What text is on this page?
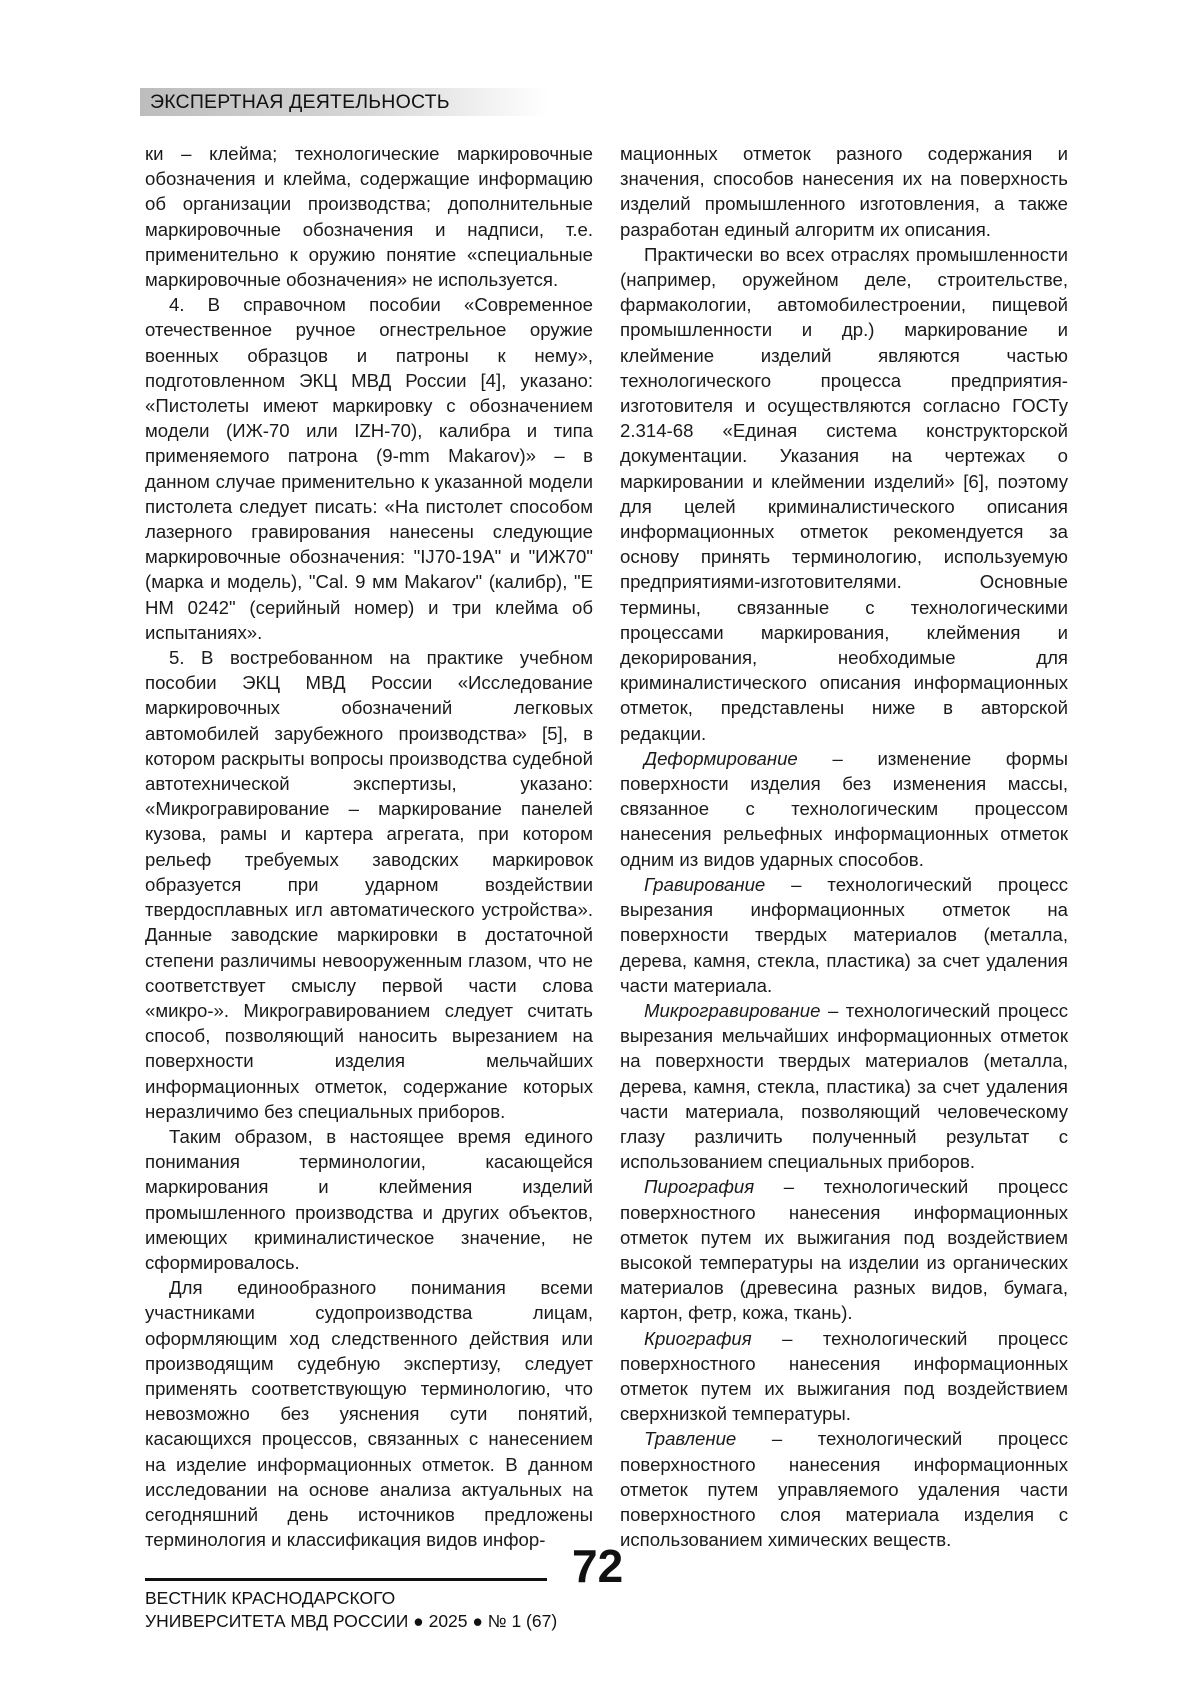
ЭКСПЕРТНАЯ ДЕЯТЕЛЬНОСТЬ

ки – клейма; технологические маркировочные обозначения и клейма, содержащие информацию об организации производства; дополнительные маркировочные обозначения и надписи, т.е. применительно к оружию понятие «специальные маркировочные обозначения» не используется.

4. В справочном пособии «Современное отечественное ручное огнестрельное оружие военных образцов и патроны к нему», подготовленном ЭКЦ МВД России [4], указано: «Пистолеты имеют маркировку с обозначением модели (ИЖ-70 или IZH-70), калибра и типа применяемого патрона (9-mm Makarov)» – в данном случае применительно к указанной модели пистолета следует писать: «На пистолет способом лазерного гравирования нанесены следующие маркировочные обозначения: "IJ70-19A" и "ИЖ70" (марка и модель), "Cal. 9 мм Makarov" (калибр), "E HM 0242" (серийный номер) и три клейма об испытаниях».

5. В востребованном на практике учебном пособии ЭКЦ МВД России «Исследование маркировочных обозначений легковых автомобилей зарубежного производства» [5], в котором раскрыты вопросы производства судебной автотехнической экспертизы, указано: «Микрогравирование – маркирование панелей кузова, рамы и картера агрегата, при котором рельеф требуемых заводских маркировок образуется при ударном воздействии твердосплавных игл автоматического устройства». Данные заводские маркировки в достаточной степени различимы невооруженным глазом, что не соответствует смыслу первой части слова «микро-». Микрогравированием следует считать способ, позволяющий наносить вырезанием на поверхности изделия мельчайших информационных отметок, содержание которых неразличимо без специальных приборов.

Таким образом, в настоящее время единого понимания терминологии, касающейся маркирования и клеймения изделий промышленного производства и других объектов, имеющих криминалистическое значение, не сформировалось.

Для единообразного понимания всеми участниками судопроизводства лицам, оформляющим ход следственного действия или производящим судебную экспертизу, следует применять соответствующую терминологию, что невозможно без уяснения сути понятий, касающихся процессов, связанных с нанесением на изделие информационных отметок. В данном исследовании на основе анализа актуальных на сегодняшний день источников предложены терминология и классификация видов инфор-

мационных отметок разного содержания и значения, способов нанесения их на поверхность изделий промышленного изготовления, а также разработан единый алгоритм их описания.

Практически во всех отраслях промышленности (например, оружейном деле, строительстве, фармакологии, автомобилестроении, пищевой промышленности и др.) маркирование и клеймение изделий являются частью технологического процесса предприятия-изготовителя и осуществляются согласно ГОСТу 2.314-68 «Единая система конструкторской документации. Указания на чертежах о маркировании и клеймении изделий» [6], поэтому для целей криминалистического описания информационных отметок рекомендуется за основу принять терминологию, используемую предприятиями-изготовителями. Основные термины, связанные с технологическими процессами маркирования, клеймения и декорирования, необходимые для криминалистического описания информационных отметок, представлены ниже в авторской редакции.

Деформирование – изменение формы поверхности изделия без изменения массы, связанное с технологическим процессом нанесения рельефных информационных отметок одним из видов ударных способов.

Гравирование – технологический процесс вырезания информационных отметок на поверхности твердых материалов (металла, дерева, камня, стекла, пластика) за счет удаления части материала.

Микрогравирование – технологический процесс вырезания мельчайших информационных отметок на поверхности твердых материалов (металла, дерева, камня, стекла, пластика) за счет удаления части материала, позволяющий человеческому глазу различить полученный результат с использованием специальных приборов.

Пирография – технологический процесс поверхностного нанесения информационных отметок путем их выжигания под воздействием высокой температуры на изделии из органических материалов (древесина разных видов, бумага, картон, фетр, кожа, ткань).

Криография – технологический процесс поверхностного нанесения информационных отметок путем их выжигания под воздействием сверхнизкой температуры.

Травление – технологический процесс поверхностного нанесения информационных отметок путем управляемого удаления части поверхностного слоя материала изделия с использованием химических веществ.

72
ВЕСТНИК КРАСНОДАРСКОГО
УНИВЕРСИТЕТА МВД РОССИИ ● 2025 ● № 1 (67)
